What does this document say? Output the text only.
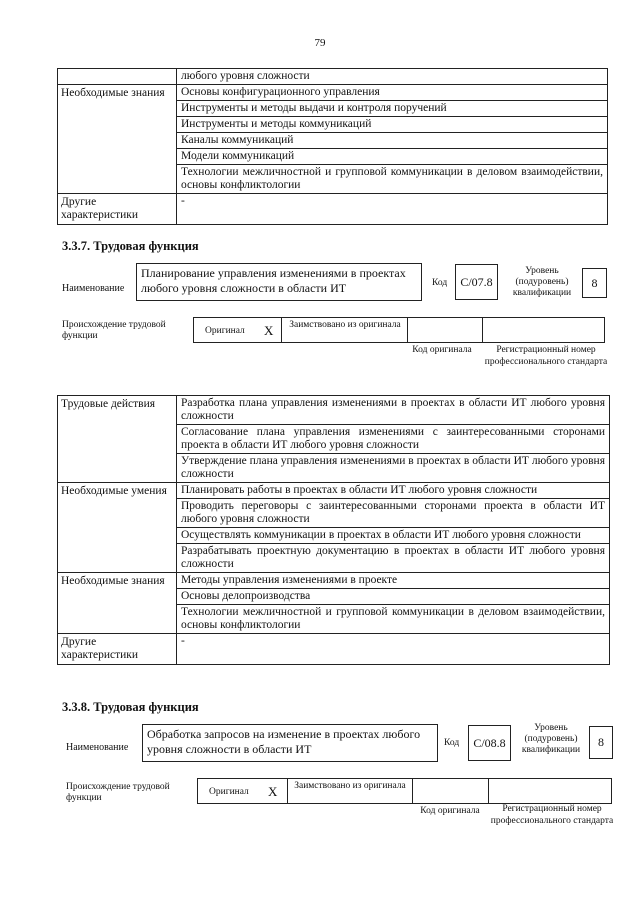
79
	любого уровня сложности
Необходимые знания	Основы конфигурационного управления
	Инструменты и методы выдачи и контроля поручений
	Инструменты и методы коммуникаций
	Каналы коммуникаций
	Модели коммуникаций
	Технологии межличностной и групповой коммуникации в деловом взаимодействии, основы конфликтологии
Другие характеристики	-
3.3.7. Трудовая функция
Наименование
Планирование управления изменениями в проектах любого уровня сложности в области ИТ	Код	С/07.8
Уровень (подуровень) квалификации
8
Происхождение трудовой функции	Оригинал X	Заимствовано из оригинала
Код оригинала	Регистрационный номер профессионального стандарта
Трудовые действия	Разработка плана управления изменениями в проектах в области ИТ любого уровня сложности
	Согласование плана управления изменениями с заинтересованными сторонами проекта в области ИТ любого уровня сложности
	Утверждение плана управления изменениями в проектах в области ИТ любого уровня сложности
Необходимые умения	Планировать работы в проектах в области ИТ любого уровня сложности
	Проводить переговоры с заинтересованными сторонами проекта в области ИТ любого уровня сложности
	Осуществлять коммуникации в проектах в области ИТ любого уровня сложности
	Разрабатывать проектную документацию в проектах в области ИТ любого уровня сложности
Необходимые знания	Методы управления изменениями в проекте
	Основы делопроизводства
	Технологии межличностной и групповой коммуникации в деловом взаимодействии, основы конфликтологии
Другие характеристики	-
3.3.8. Трудовая функция
Наименование
Обработка запросов на изменение в проектах любого уровня сложности в области ИТ	Код	С/08.8
Уровень (подуровень) квалификации
8
Происхождение трудовой функции
Оригинал X	Заимствовано из оригинала
Код оригинала	Регистрационный номер профессионального стандарта
